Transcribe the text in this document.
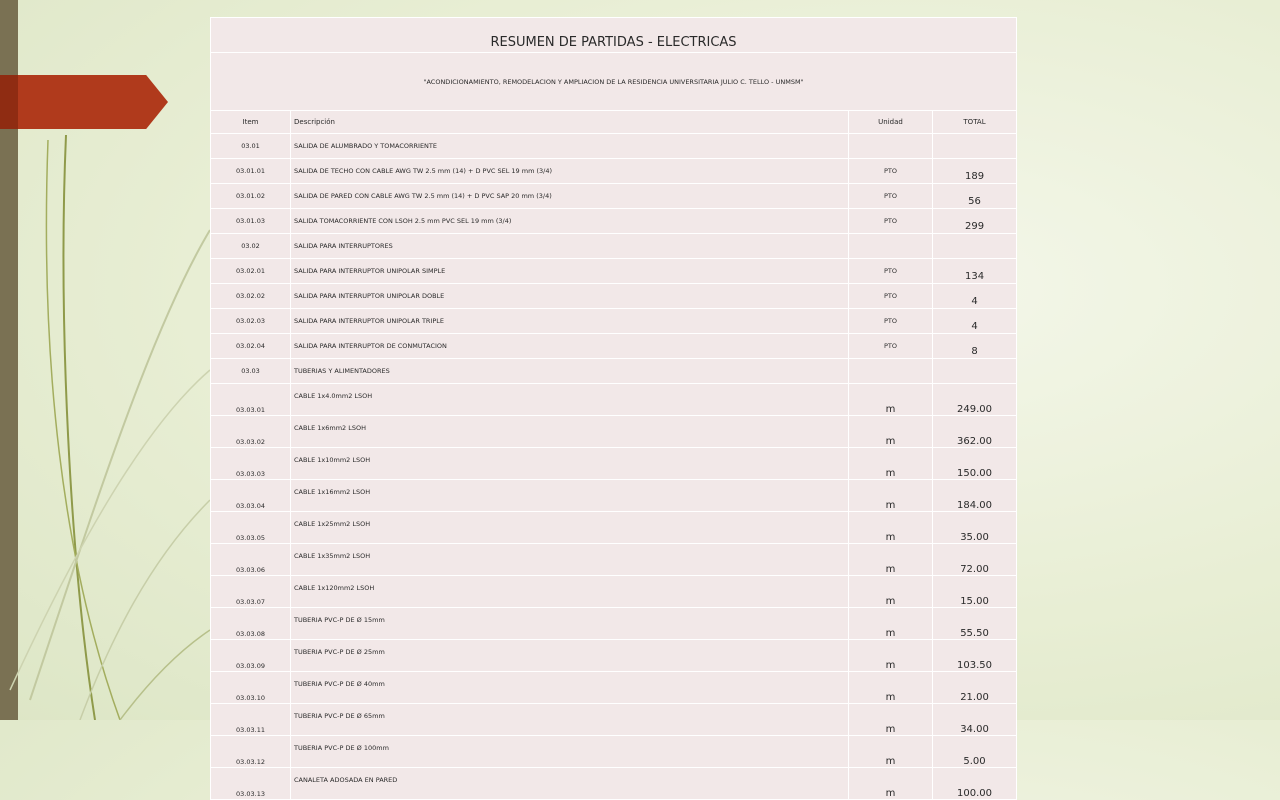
RESUMEN DE PARTIDAS - ELECTRICAS			
"ACONDICIONAMIENTO, REMODELACION Y AMPLIACION DE LA RESIDENCIA UNIVERSITARIA JULIO C. TELLO - UNMSM"			
Item	Descripción	Unidad	TOTAL
03.01	SALIDA DE ALUMBRADO Y TOMACORRIENTE		
03.01.01	SALIDA DE TECHO CON CABLE AWG TW 2.5 mm (14) + D PVC SEL 19 mm (3/4)	PTO	189
03.01.02	SALIDA DE PARED CON CABLE AWG TW 2.5 mm (14) + D PVC SAP 20 mm (3/4)	PTO	56
03.01.03	SALIDA TOMACORRIENTE CON LSOH 2.5 mm PVC SEL 19 mm (3/4)	PTO	299
03.02	SALIDA PARA INTERRUPTORES		
03.02.01	SALIDA PARA INTERRUPTOR UNIPOLAR SIMPLE	PTO	134
03.02.02	SALIDA PARA INTERRUPTOR UNIPOLAR DOBLE	PTO	4
03.02.03	SALIDA PARA INTERRUPTOR UNIPOLAR TRIPLE	PTO	4
03.02.04	SALIDA PARA INTERRUPTOR DE CONMUTACION	PTO	8
03.03	TUBERIAS Y ALIMENTADORES		
03.03.01	CABLE 1x4.0mm2 LSOH	m	249.00
03.03.02	CABLE 1x6mm2 LSOH	m	362.00
03.03.03	CABLE 1x10mm2 LSOH	m	150.00
03.03.04	CABLE 1x16mm2 LSOH	m	184.00
03.03.05	CABLE 1x25mm2 LSOH	m	35.00
03.03.06	CABLE 1x35mm2 LSOH	m	72.00
03.03.07	CABLE 1x120mm2 LSOH	m	15.00
03.03.08	TUBERIA PVC-P DE Ø 15mm	m	55.50
03.03.09	TUBERIA PVC-P DE Ø 25mm	m	103.50
03.03.10	TUBERIA PVC-P DE Ø 40mm	m	21.00
03.03.11	TUBERIA PVC-P DE Ø 65mm	m	34.00
03.03.12	TUBERIA PVC-P DE Ø 100mm	m	5.00
03.03.13	CANALETA ADOSADA EN PARED	m	100.00
